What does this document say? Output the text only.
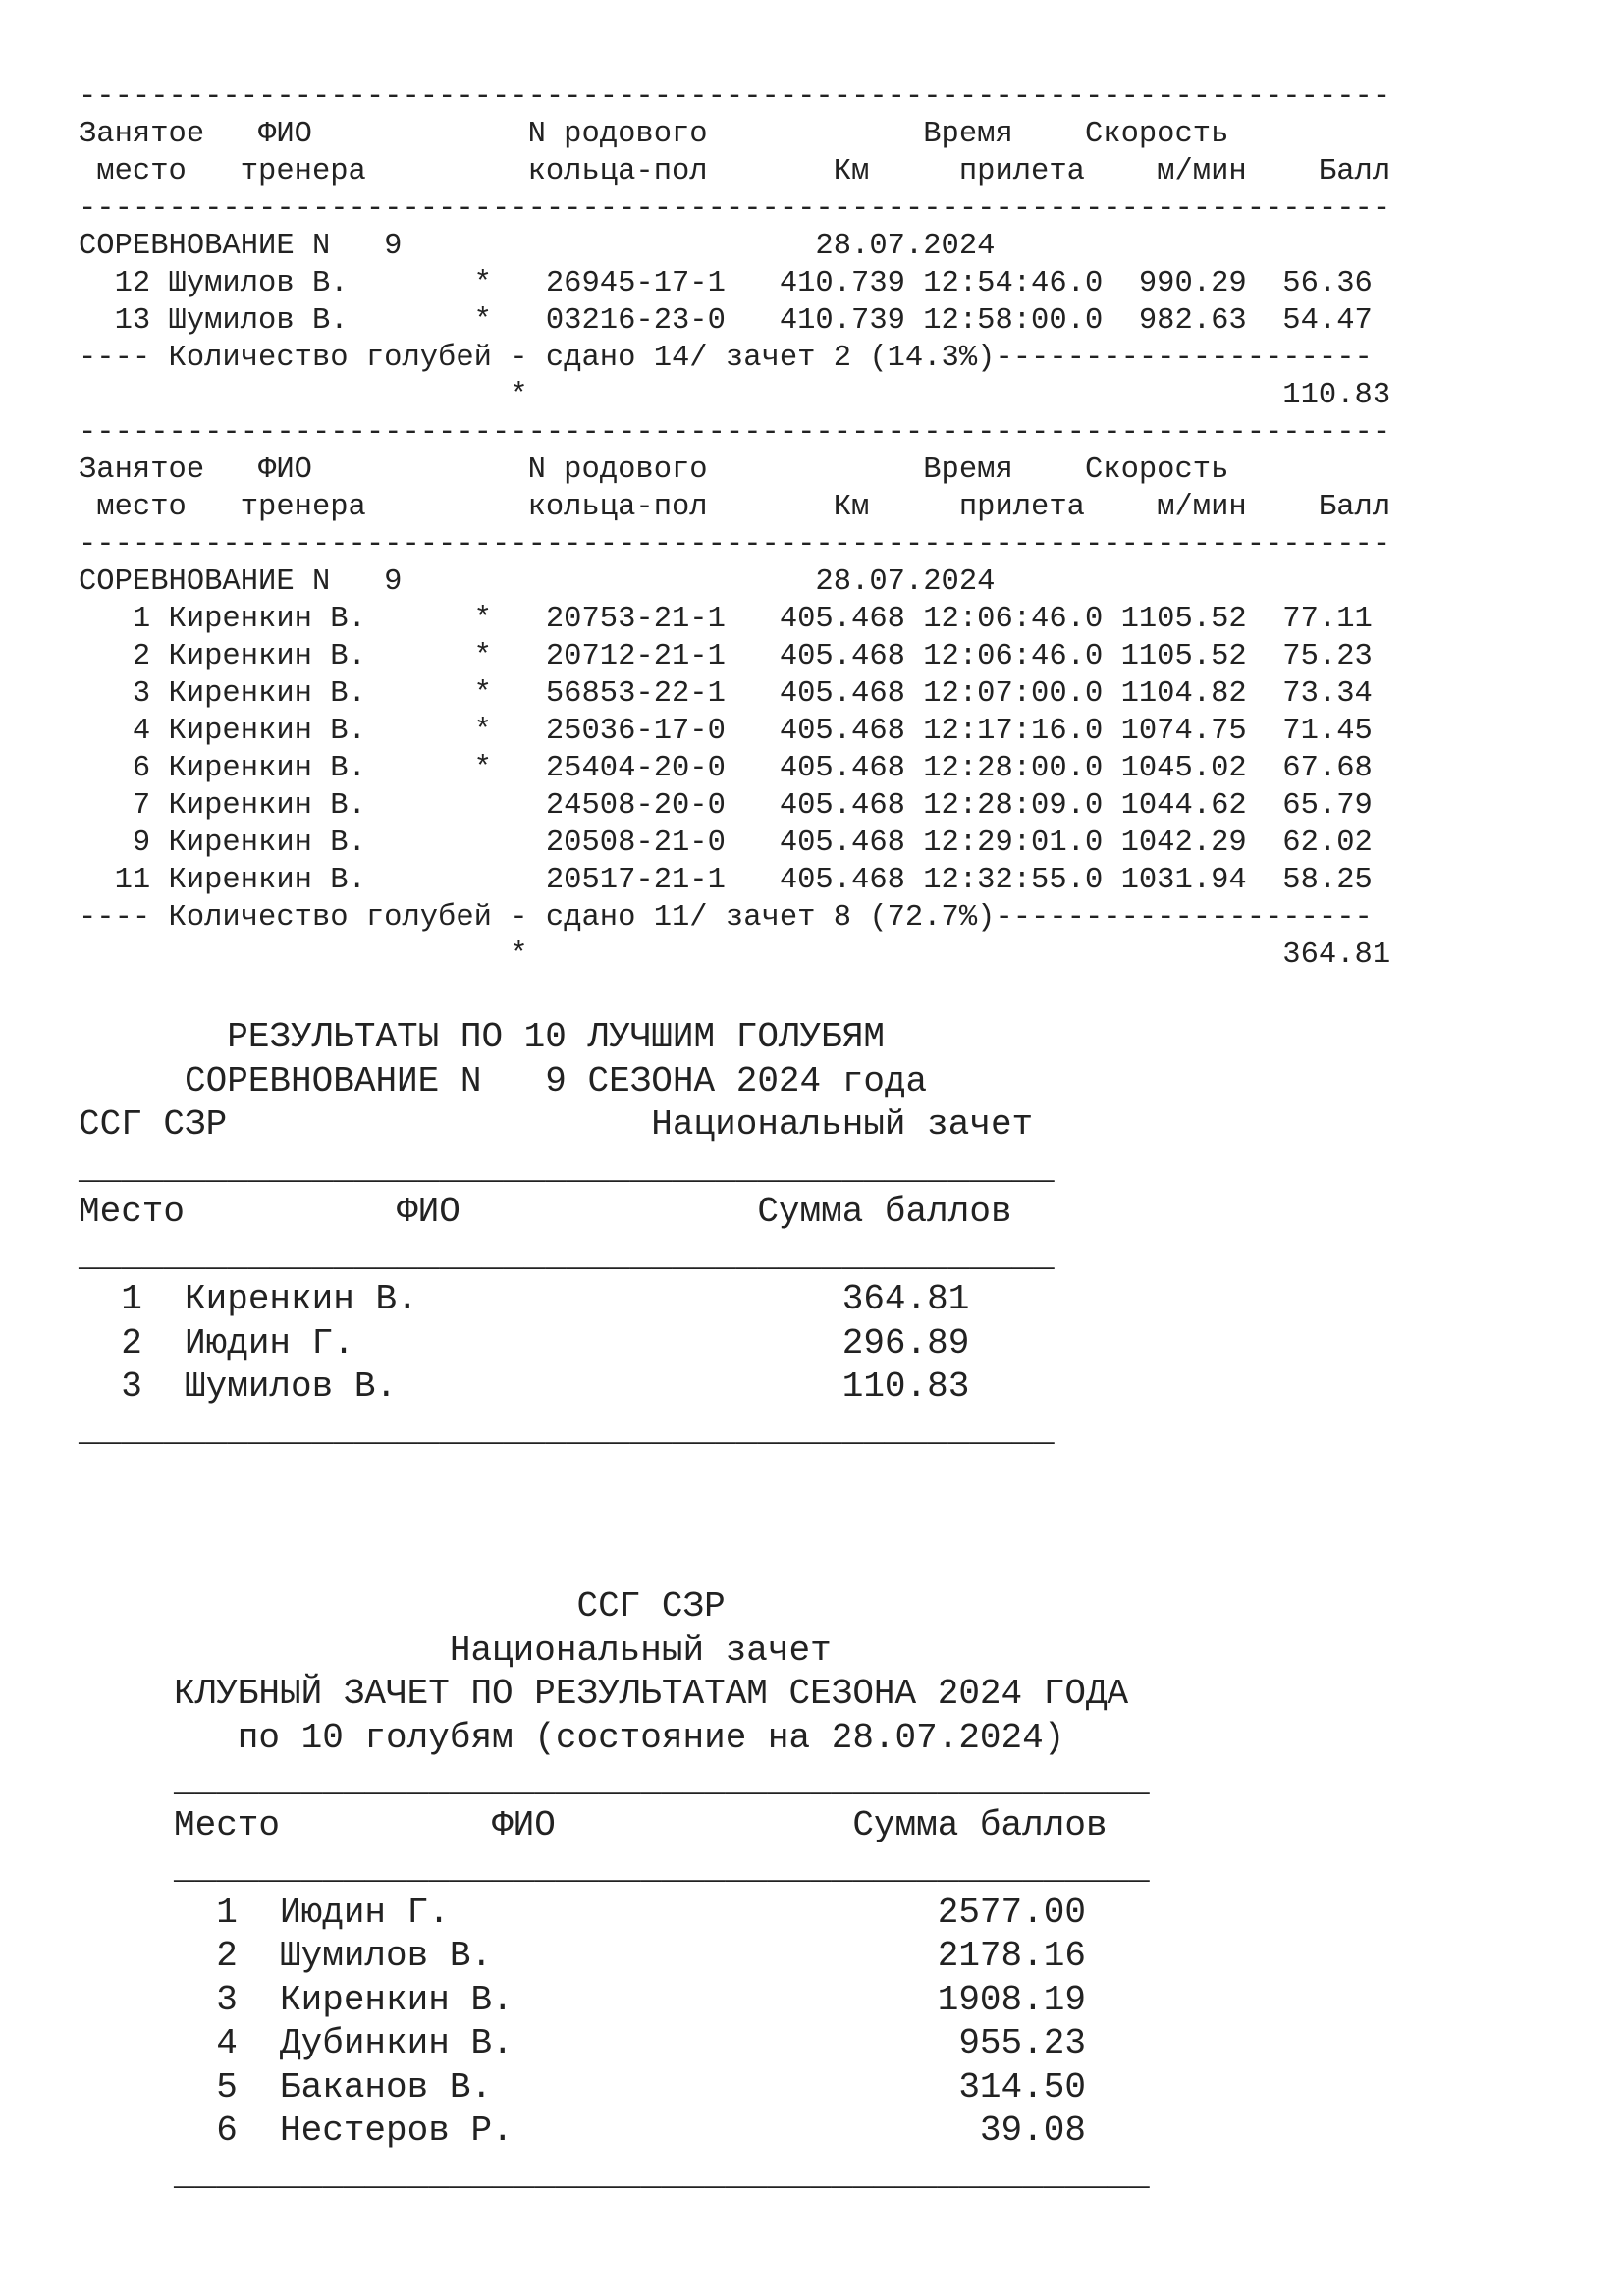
-------------------------------------------------------------------------
Занятое   ФИО            N родового            Время    Скорость
место   тренера         кольца-пол       Км     прилета    м/мин    Балл
-------------------------------------------------------------------------
СОРЕВНОВАНИЕ N   9                       28.07.2024
12 Шумилов В.       *   26945-17-1   410.739 12:54:46.0  990.29  56.36
13 Шумилов В.       *   03216-23-0   410.739 12:58:00.0  982.63  54.47
---- Количество голубей - сдано 14/ зачет 2 (14.3%)---------------------
*                                          110.83
-------------------------------------------------------------------------
Занятое   ФИО            N родового            Время    Скорость
место   тренера         кольца-пол       Км     прилета    м/мин    Балл
-------------------------------------------------------------------------
СОРЕВНОВАНИЕ N   9                       28.07.2024
1 Киренкин В.      *   20753-21-1   405.468 12:06:46.0 1105.52  77.11
2 Киренкин В.      *   20712-21-1   405.468 12:06:46.0 1105.52  75.23
3 Киренкин В.      *   56853-22-1   405.468 12:07:00.0 1104.82  73.34
4 Киренкин В.      *   25036-17-0   405.468 12:17:16.0 1074.75  71.45
6 Киренкин В.      *   25404-20-0   405.468 12:28:00.0 1045.02  67.68
7 Киренкин В.          24508-20-0   405.468 12:28:09.0 1044.62  65.79
9 Киренкин В.          20508-21-0   405.468 12:29:01.0 1042.29  62.02
11 Киренкин В.          20517-21-1   405.468 12:32:55.0 1031.94  58.25
---- Количество голубей - сдано 11/ зачет 8 (72.7%)---------------------
*                                          364.81
РЕЗУЛЬТАТЫ ПО 10 ЛУЧШИМ ГОЛУБЯМ
СОРЕВНОВАНИЕ N   9 СЕЗОНА 2024 года
ССГ СЗР                    Национальный зачет
______________________________________________
Место          ФИО              Сумма баллов
______________________________________________
1  Киренкин В.                    364.81
2  Июдин Г.                       296.89
3  Шумилов В.                     110.83
______________________________________________
ССГ СЗР
Национальный зачет
КЛУБНЫЙ ЗАЧЕТ ПО РЕЗУЛЬТАТАМ СЕЗОНА 2024 ГОДА
по 10 голубям (состояние на 28.07.2024)
______________________________________________
Место          ФИО              Сумма баллов
______________________________________________
1  Июдин Г.                       2577.00
2  Шумилов В.                     2178.16
3  Киренкин В.                    1908.19
4  Дубинкин В.                     955.23
5  Баканов В.                      314.50
6  Нестеров Р.                      39.08
______________________________________________
